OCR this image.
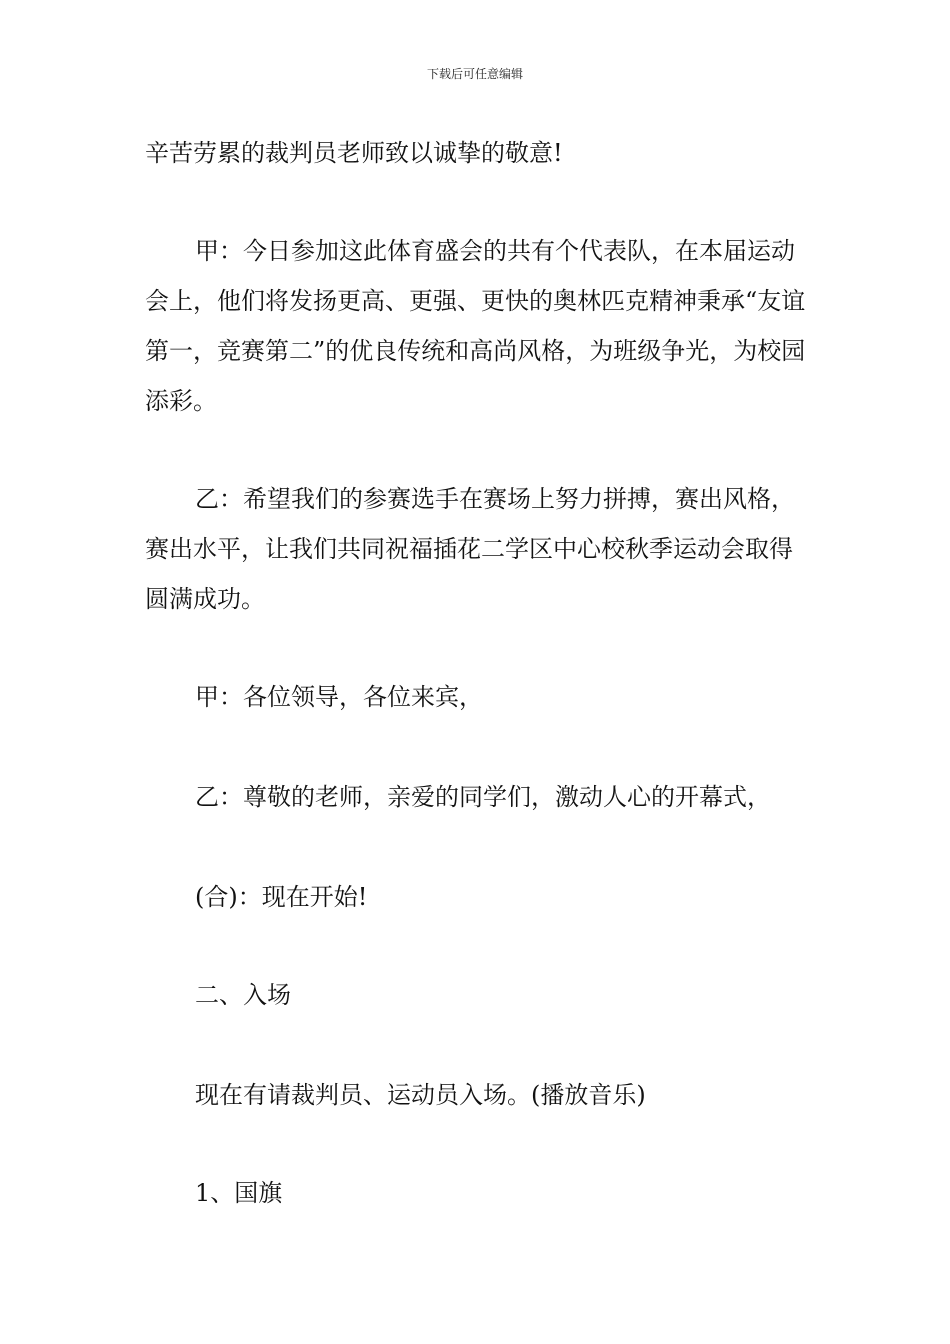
下载后可任意编辑

辛苦劳累的裁判员老师致以诚挚的敬意!

甲：今日参加这此体育盛会的共有个代表队，在本届运动会上，他们将发扬更高、更强、更快的奥林匹克精神秉承“友谊第一，竞赛第二”的优良传统和高尚风格，为班级争光，为校园添彩。

乙：希望我们的参赛选手在赛场上努力拼搏，赛出风格，赛出水平，让我们共同祝福插花二学区中心校秋季运动会取得圆满成功。

甲：各位领导，各位来宾，

乙：尊敬的老师，亲爱的同学们，激动人心的开幕式，

(合)：现在开始!

二、入场

现在有请裁判员、运动员入场。(播放音乐)

1、国旗
